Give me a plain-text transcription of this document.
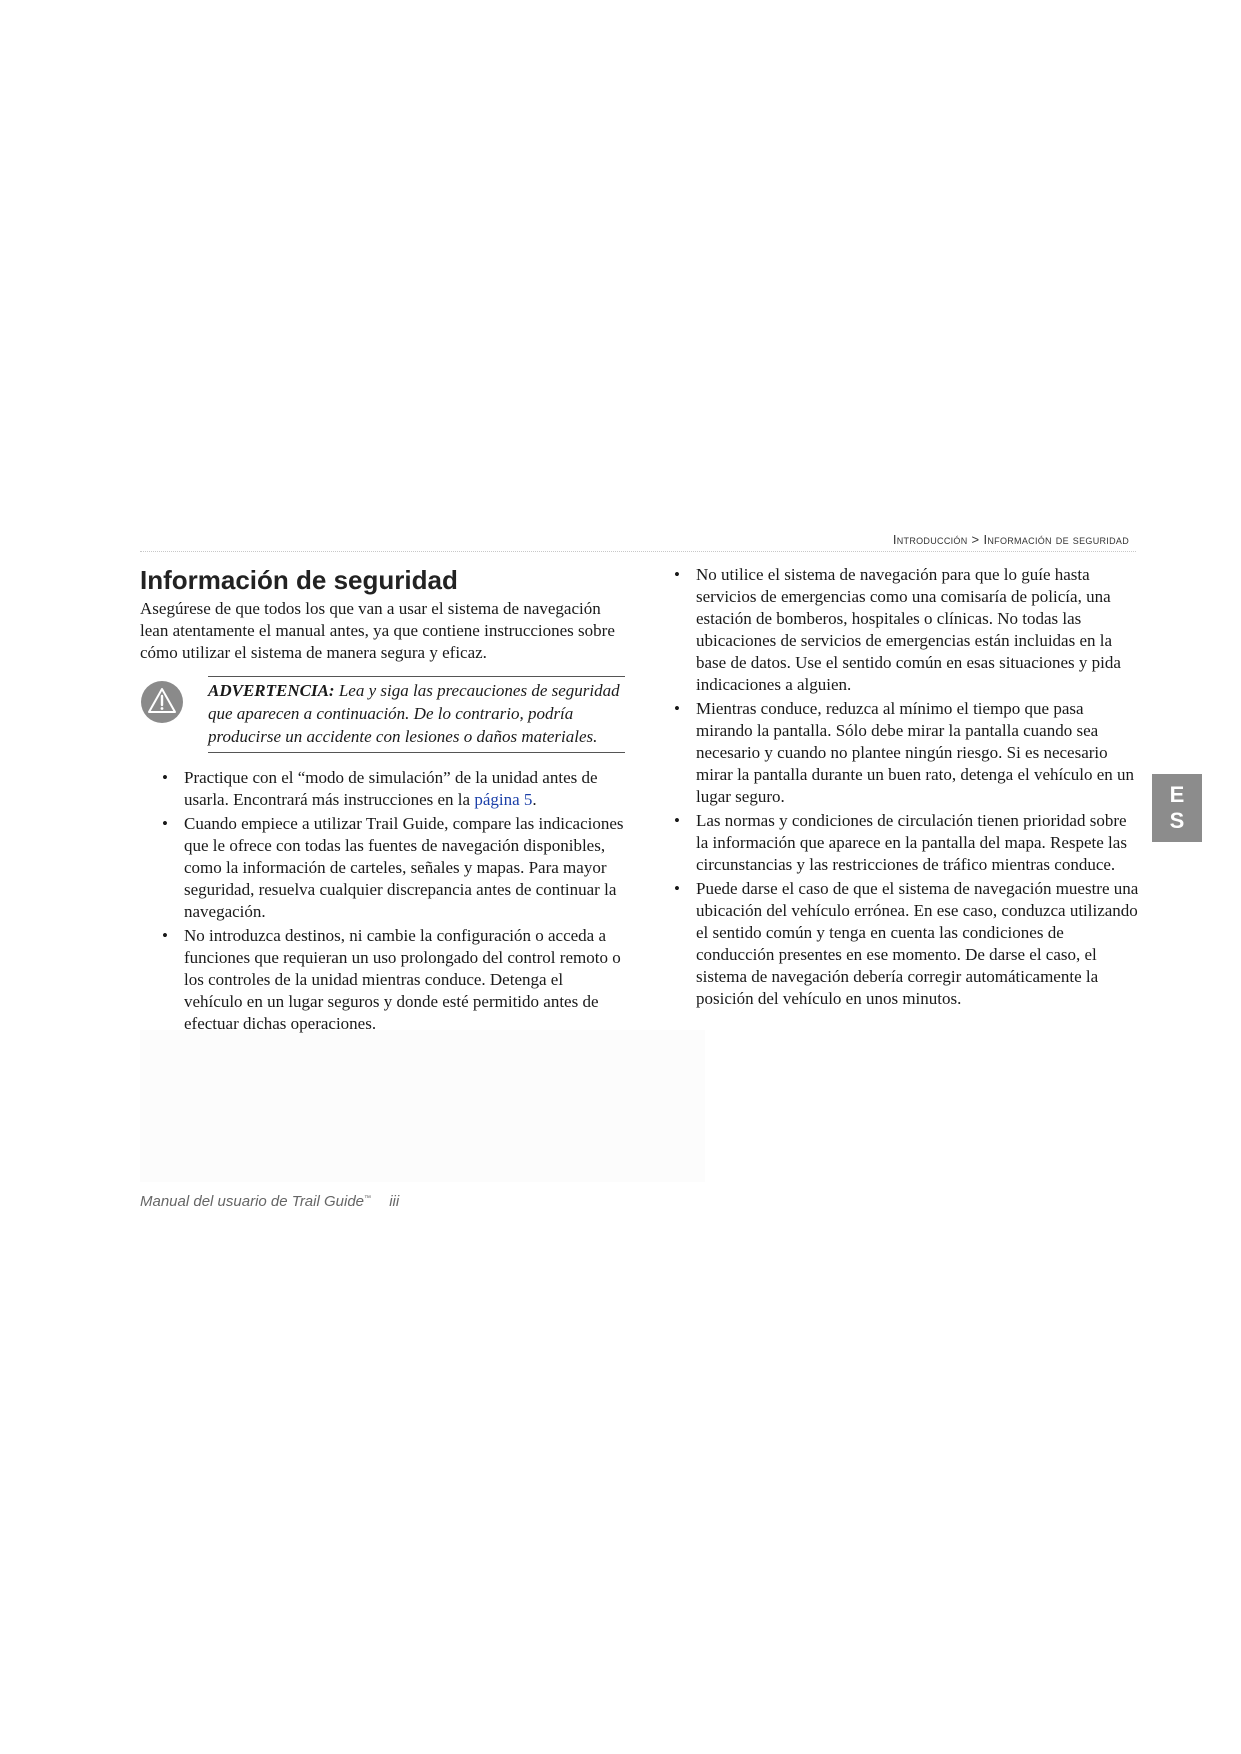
Introducción > Información de seguridad
Información de seguridad

Asegúrese de que todos los que van a usar el sistema de navegación lean atentamente el manual antes, ya que contiene instrucciones sobre cómo utilizar el sistema de manera segura y eficaz.

ADVERTENCIA: Lea y siga las precauciones de seguridad que aparecen a continuación. De lo contrario, podría producirse un accidente con lesiones o daños materiales.
• Practique con el “modo de simulación” de la unidad antes de usarla. Encontrará más instrucciones en la página 5.
• Cuando empiece a utilizar Trail Guide, compare las indicaciones que le ofrece con todas las fuentes de navegación disponibles, como la información de carteles, señales y mapas. Para mayor seguridad, resuelva cualquier discrepancia antes de continuar la navegación.
• No introduzca destinos, ni cambie la configuración o acceda a funciones que requieran un uso prolongado del control remoto o los controles de la unidad mientras conduce. Detenga el vehículo en un lugar seguros y donde esté permitido antes de efectuar dichas operaciones.
• No utilice el sistema de navegación para que lo guíe hasta servicios de emergencias como una comisaría de policía, una estación de bomberos, hospitales o clínicas. No todas las ubicaciones de servicios de emergencias están incluidas en la base de datos. Use el sentido común en esas situaciones y pida indicaciones a alguien.
• Mientras conduce, reduzca al mínimo el tiempo que pasa mirando la pantalla. Sólo debe mirar la pantalla cuando sea necesario y cuando no plantee ningún riesgo. Si es necesario mirar la pantalla durante un buen rato, detenga el vehículo en un lugar seguro.
• Las normas y condiciones de circulación tienen prioridad sobre la información que aparece en la pantalla del mapa. Respete las circunstancias y las restricciones de tráfico mientras conduce.
• Puede darse el caso de que el sistema de navegación muestre una ubicación del vehículo errónea. En ese caso, conduzca utilizando el sentido común y tenga en cuenta las condiciones de conducción presentes en ese momento. De darse el caso, el sistema de navegación debería corregir automáticamente la posición del vehículo en unos minutos.
E
S
Manual del usuario de Trail Guide™ iii
